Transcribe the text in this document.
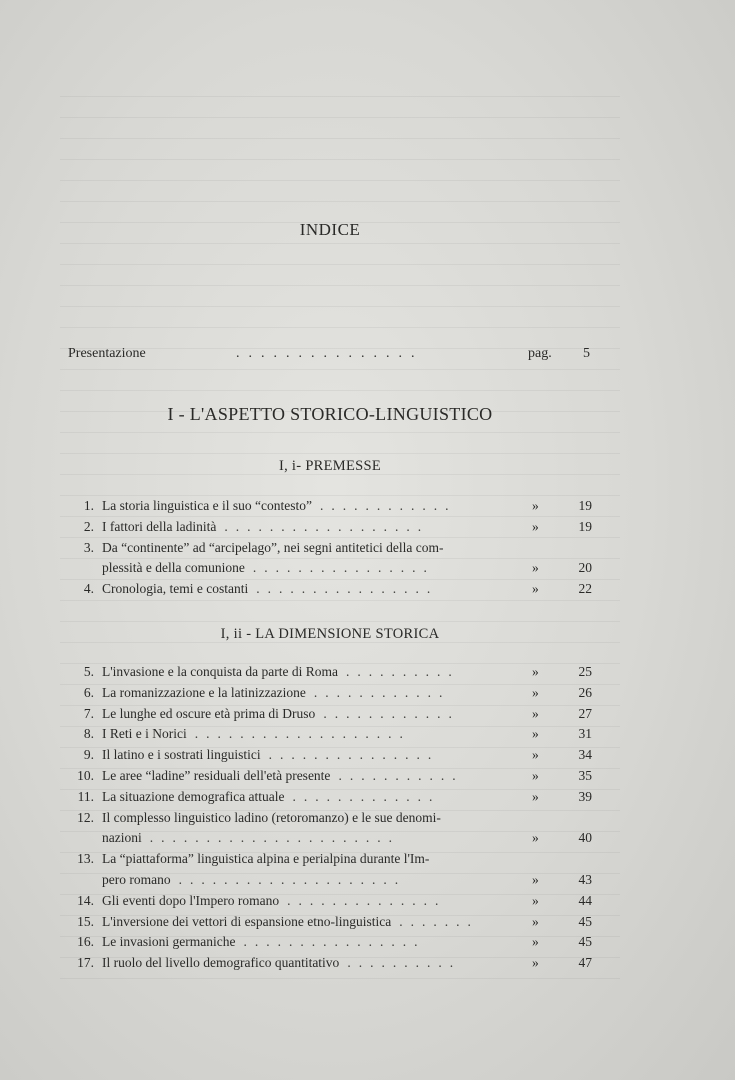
INDICE
Presentazione	...............	pag. 5
I - L'ASPETTO STORICO-LINGUISTICO
I, i- PREMESSE
I, ii - LA DIMENSIONE STORICA
1. La storia linguistica e il suo “contesto” ............	»	19
2. I fattori della ladinità ..................	»	19
3. Da “continente” ad “arcipelago”, nei segni antitetici della com-
plessità e della comunione ................	»	20
4. Cronologia, temi e costanti ................	»	22
5. L'invasione e la conquista da parte di Roma ..........	»	25
6. La romanizzazione e la latinizzazione ............	»	26
7. Le lunghe ed oscure età prima di Druso ............	»	27
8. I Reti e i Norici ...................	»	31
9. Il latino e i sostrati linguistici ...............	»	34
10. Le aree “ladine” residuali dell'età presente ...........	»	35
11. La situazione demografica attuale .............	»	39
12. Il complesso linguistico ladino (retoromanzo) e le sue denomi-
nazioni ......................	»	40
13. La “piattaforma” linguistica alpina e perialpina durante l'Im-
pero romano ....................	»	43
14. Gli eventi dopo l'Impero romano ..............	»	44
15. L'inversione dei vettori di espansione etno-linguistica .......	»	45
16. Le invasioni germaniche ................	»	45
17. Il ruolo del livello demografico quantitativo ..........	»	47
